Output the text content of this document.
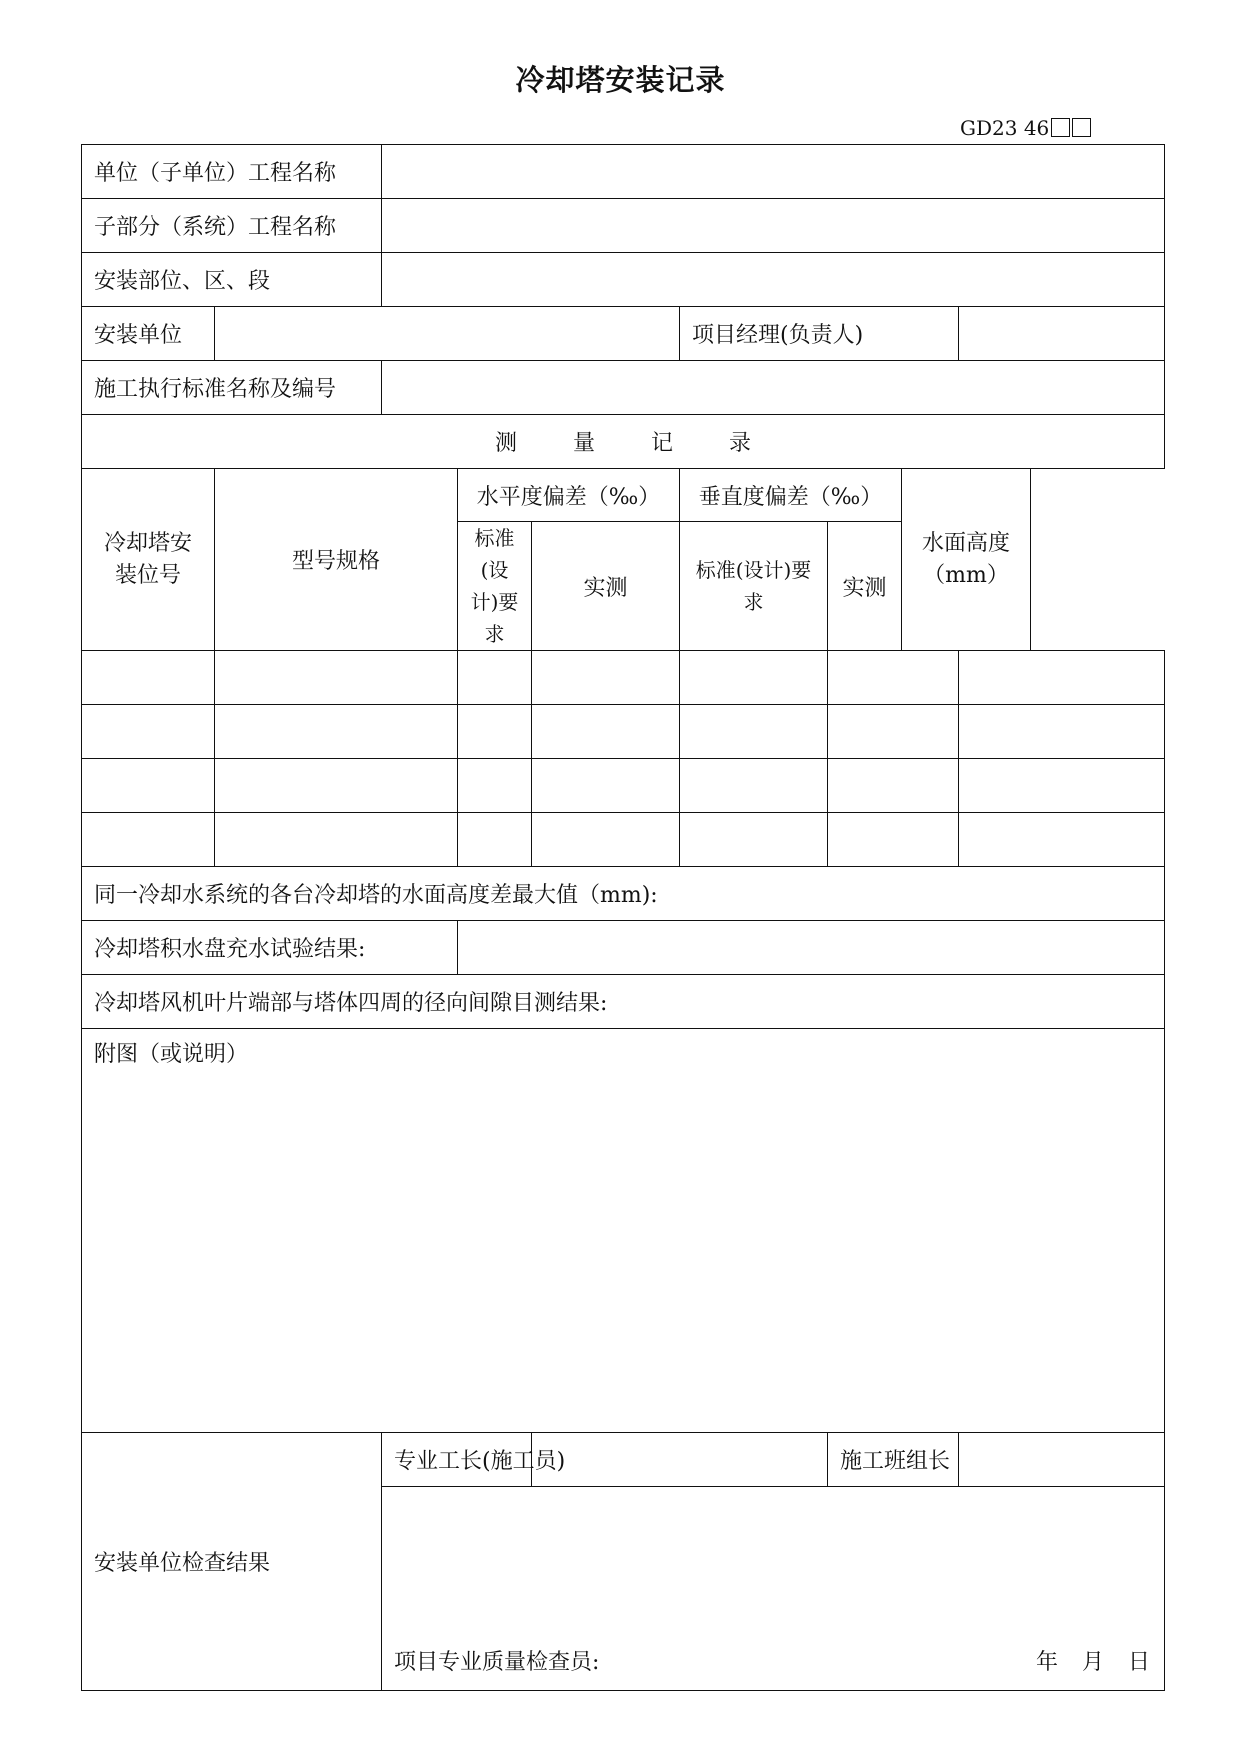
冷却塔安装记录
GD23 46
单位（子单位）工程名称								
子部分（系统）工程名称								
安装部位、区、段								
安装单位					项目经理(负责人)			
施工执行标准名称及编号								
测 量 记 录								
冷却塔安装位号	型号规格		水平度偏差（‰）		垂直度偏差（‰）		水面高度（mm）	
			标准(设计)要求	实测	标准(设计)要求	实测		

同一冷却水系统的各台冷却塔的水面高度差最大值（mm):								
冷却塔积水盘充水试验结果:								
冷却塔风机叶片端部与塔体四周的径向间隙目测结果:								
附图（或说明）								
安装单位检查结果		专业工长(施工员)				施工班组长		

		项目专业质量检查员: 年 月 日						
